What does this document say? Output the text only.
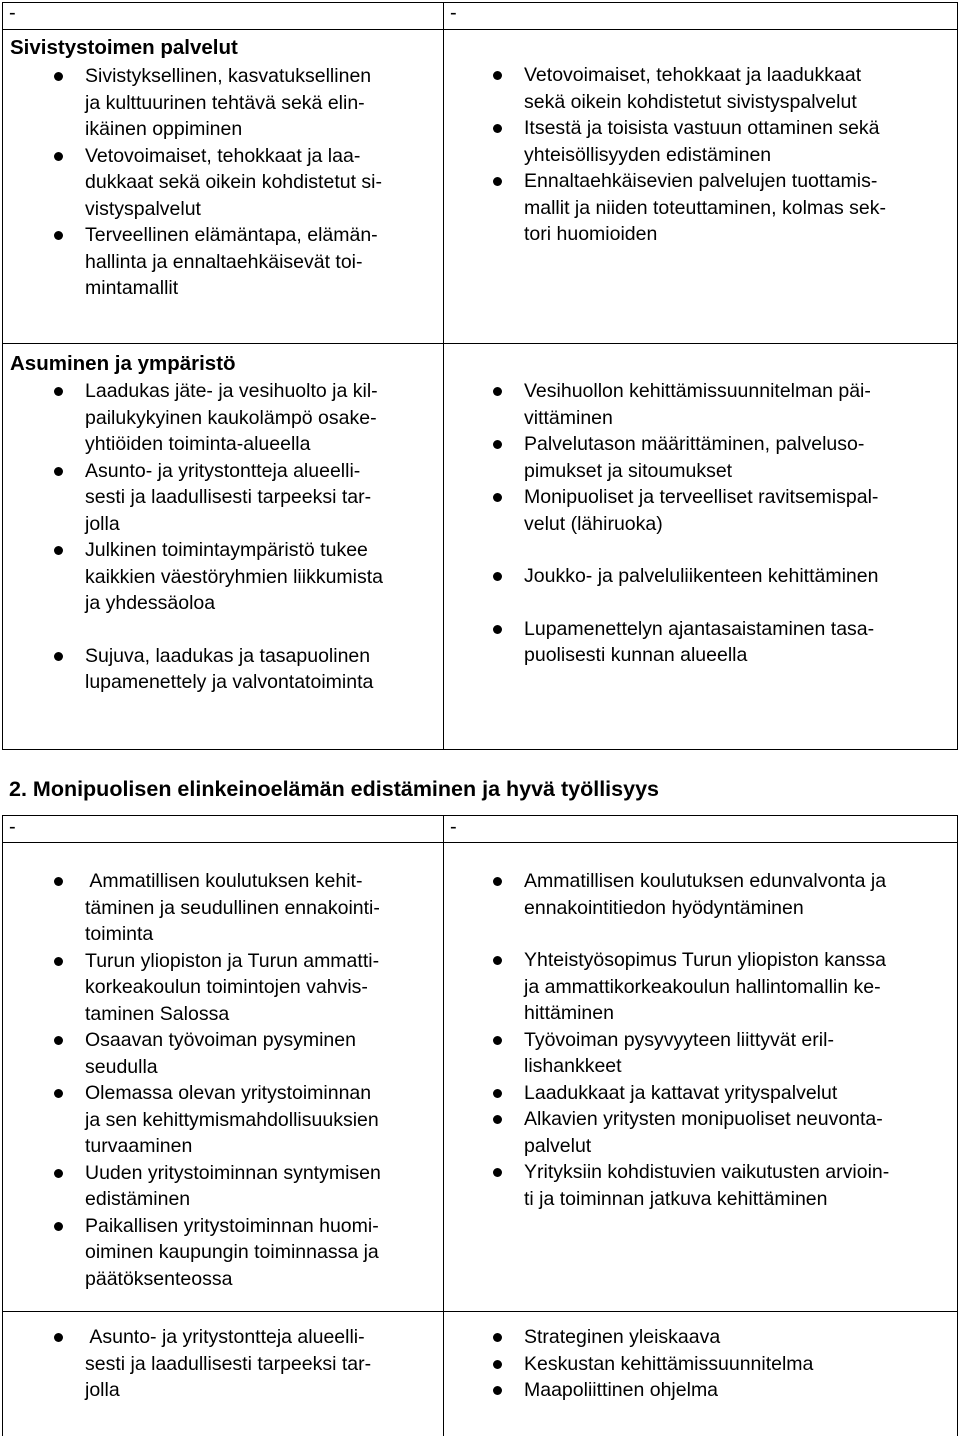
-	-
Sivistystoimen palvelut
Sivistyksellinen, kasvatuksellinen
ja kulttuurinen tehtävä sekä elin-
ikäinen oppiminen
Vetovoimaiset, tehokkaat ja laa-
dukkaat sekä oikein kohdistetut si-
vistyspalvelut
Terveellinen elämäntapa, elämän-
hallinta ja ennaltaehkäisevät toi-
mintamallit
Vetovoimaiset, tehokkaat ja laadukkaat
sekä oikein kohdistetut sivistyspalvelut
Itsestä ja toisista vastuun ottaminen sekä
yhteisöllisyyden edistäminen
Ennaltaehkäisevien palvelujen tuottamis-
mallit ja niiden toteuttaminen, kolmas sek-
tori huomioiden
Asuminen ja ympäristö
Laadukas jäte- ja vesihuolto ja kil-
pailukykyinen kaukolämpö osake-
yhtiöiden toiminta-alueella
Asunto- ja yritystontteja alueelli-
sesti ja laadullisesti tarpeeksi tar-
jolla
Julkinen toimintaympäristö tukee
kaikkien väestöryhmien liikkumista
ja yhdessäoloa
Sujuva, laadukas ja tasapuolinen
lupamenettely ja valvontatoiminta
Vesihuollon kehittämissuunnitelman päi-
vittäminen
Palvelutason määrittäminen, palveluso-
pimukset ja sitoumukset
Monipuoliset ja terveelliset ravitsemispal-
velut (lähiruoka)
Joukko- ja palveluliikenteen kehittäminen
Lupamenettelyn ajantasaistaminen tasa-
puolisesti kunnan alueella
2. Monipuolisen elinkeinoelämän edistäminen ja hyvä työllisyys
-	-
Ammatillisen koulutuksen kehit-
täminen ja seudullinen ennakointi-
toiminta
Turun yliopiston ja Turun ammatti-
korkeakoulun toimintojen vahvis-
taminen Salossa
Osaavan työvoiman pysyminen
seudulla
Olemassa olevan yritystoiminnan
ja sen kehittymismahdollisuuksien
turvaaminen
Uuden yritystoiminnan syntymisen
edistäminen
Paikallisen yritystoiminnan huomi-
oiminen kaupungin toiminnassa ja
päätöksenteossa
Ammatillisen koulutuksen edunvalvonta ja
ennakointitiedon hyödyntäminen
Yhteistyösopimus Turun yliopiston kanssa
ja ammattikorkeakoulun hallintomallin ke-
hittäminen
Työvoiman pysyvyyteen liittyvät eril-
lishankkeet
Laadukkaat ja kattavat yrityspalvelut
Alkavien yritysten monipuoliset neuvonta-
palvelut
Yrityksiin kohdistuvien vaikutusten arvioin-
ti ja toiminnan jatkuva kehittäminen
Asunto- ja yritystontteja alueelli-
sesti ja laadullisesti tarpeeksi tar-
jolla
Strateginen yleiskaava
Keskustan kehittämissuunnitelma
Maapoliittinen ohjelma
